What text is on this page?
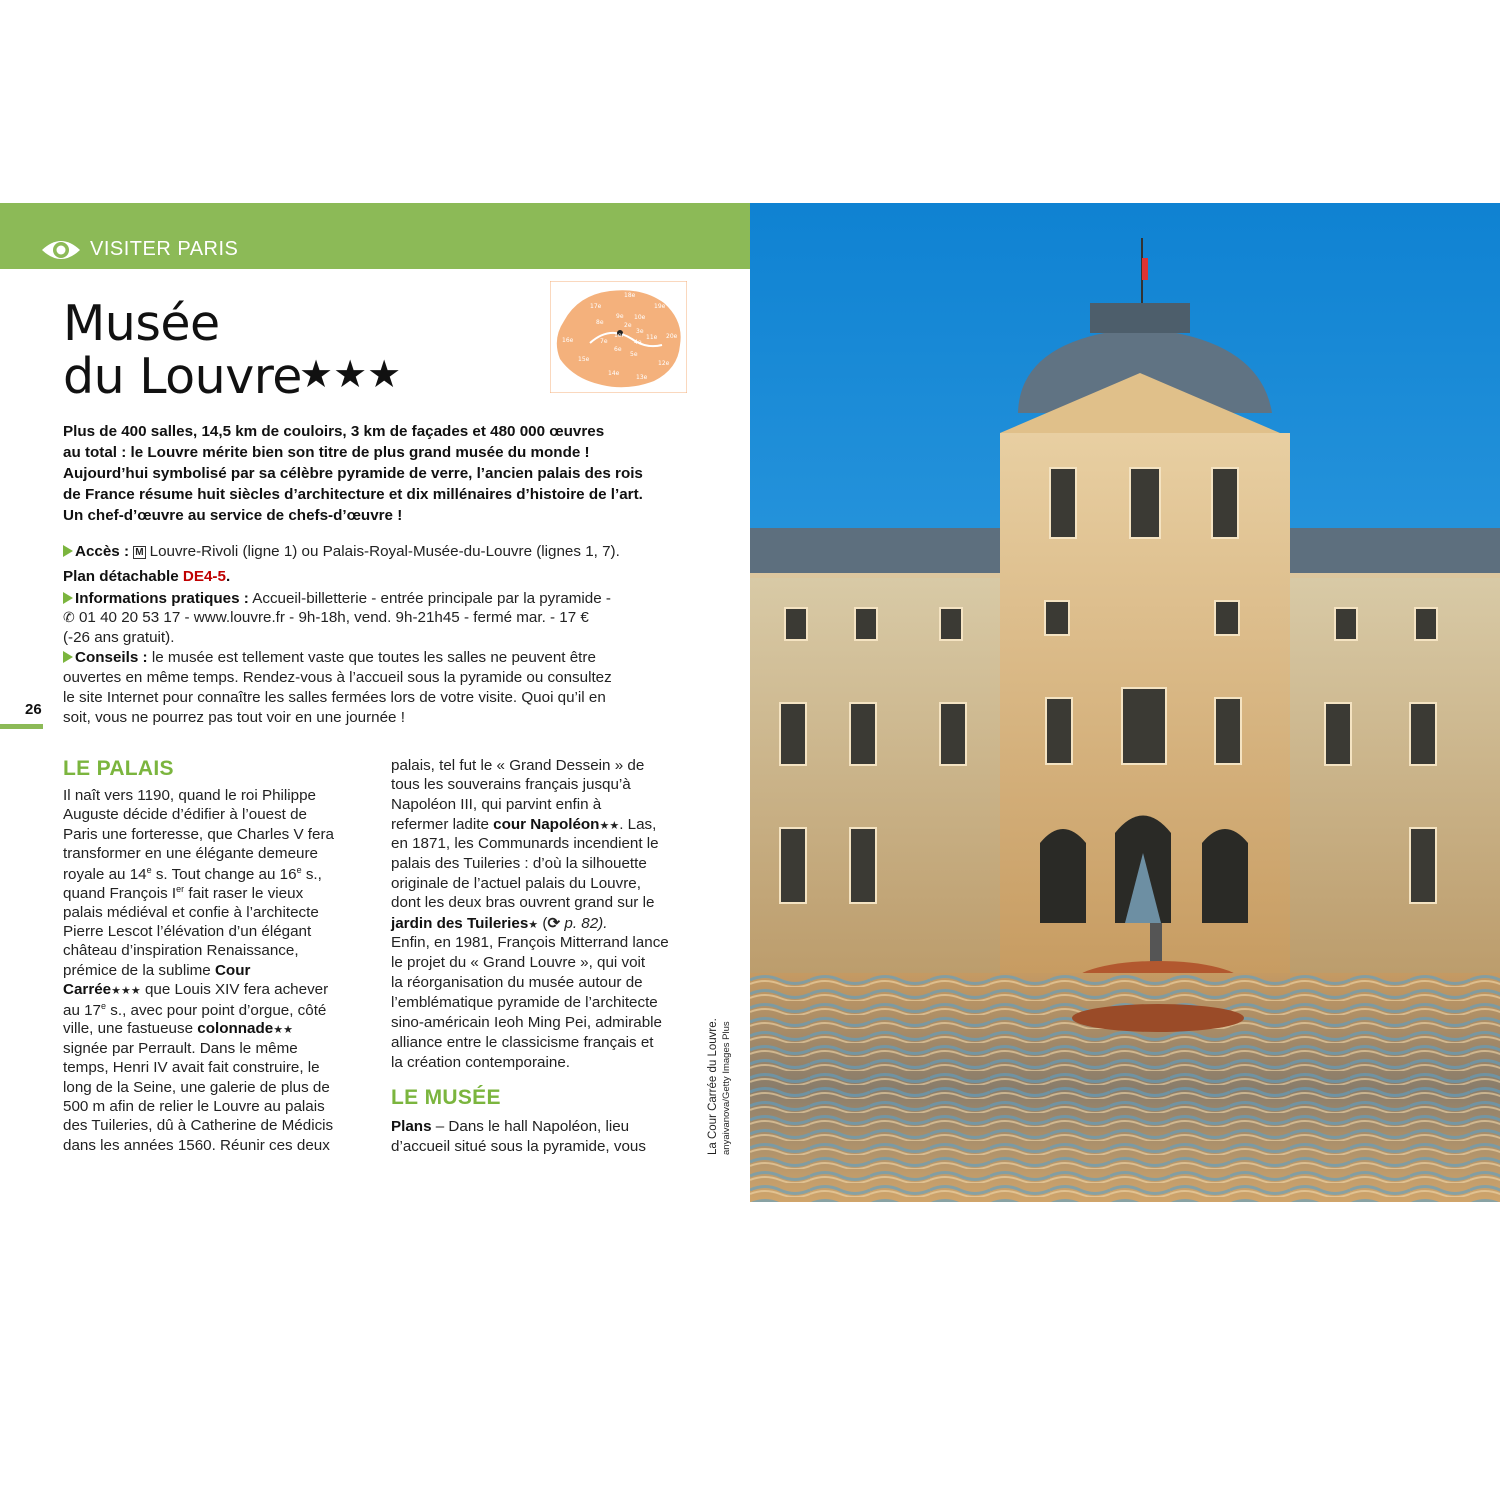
VISITER PARIS
Musée
du Louvre
★★★
17e
18e
19e
8e
9e 10e
2e
3e
16e	7e
1er
4e
11e 20e
6e
5e
15e
14e
13e
12e
Plus de 400 salles, 14,5 km de couloirs, 3 km de façades et 480 000 œuvres
au total : le Louvre mérite bien son titre de plus grand musée du monde !
Aujourd’hui symbolisé par sa célèbre pyramide de verre, l’ancien palais des rois
de France résume huit siècles d’architecture et dix millénaires d’histoire de l’art.
Un chef-d’œuvre au service de chefs-d’œuvre !
Accès : M Louvre-Rivoli (ligne 1) ou Palais-Royal-Musée-du-Louvre (lignes 1, 7).
Plan détachable DE4-5.
Informations pratiques : Accueil-billetterie - entrée principale par la pyramide -
✆ 01 40 20 53 17 - www.louvre.fr - 9h-18h, vend. 9h-21h45 - fermé mar. - 17 €
(-26 ans gratuit).
Conseils : le musée est tellement vaste que toutes les salles ne peuvent être
ouvertes en même temps. Rendez-vous à l’accueil sous la pyramide ou consultez
le site Internet pour connaître les salles fermées lors de votre visite. Quoi qu’il en
soit, vous ne pourrez pas tout voir en une journée !
26
LE PALAIS
Il naît vers 1190, quand le roi Philippe
Auguste décide d’édifier à l’ouest de
Paris une forteresse, que Charles V fera
transformer en une élégante demeure
royale au 14e s. Tout change au 16e s.,
quand François Ier fait raser le vieux
palais médiéval et confie à l’architecte
Pierre Lescot l’élévation d’un élégant
château d’inspiration Renaissance,
prémice de la sublime Cour
Carrée★★★ que Louis XIV fera achever
au 17e s., avec pour point d’orgue, côté
ville, une fastueuse colonnade★★
signée par Perrault. Dans le même
temps, Henri IV avait fait construire, le
long de la Seine, une galerie de plus de
500 m afin de relier le Louvre au palais
des Tuileries, dû à Catherine de Médicis
dans les années 1560. Réunir ces deux
palais, tel fut le « Grand Dessein » de
tous les souverains français jusqu’à
Napoléon III, qui parvint enfin à
refermer ladite cour Napoléon★★. Las,
en 1871, les Communards incendient le
palais des Tuileries : d’où la silhouette
originale de l’actuel palais du Louvre,
dont les deux bras ouvrent grand sur le
jardin des Tuileries★ (⟳ p. 82).
Enfin, en 1981, François Mitterrand lance
le projet du « Grand Louvre », qui voit
la réorganisation du musée autour de
l’emblématique pyramide de l’architecte
sino-américain Ieoh Ming Pei, admirable
alliance entre le classicisme français et
la création contemporaine.
LE MUSÉE
Plans – Dans le hall Napoléon, lieu
d’accueil situé sous la pyramide, vous	La Cour Carrée du Louvre. anyaivanova/Getty Images Plus
